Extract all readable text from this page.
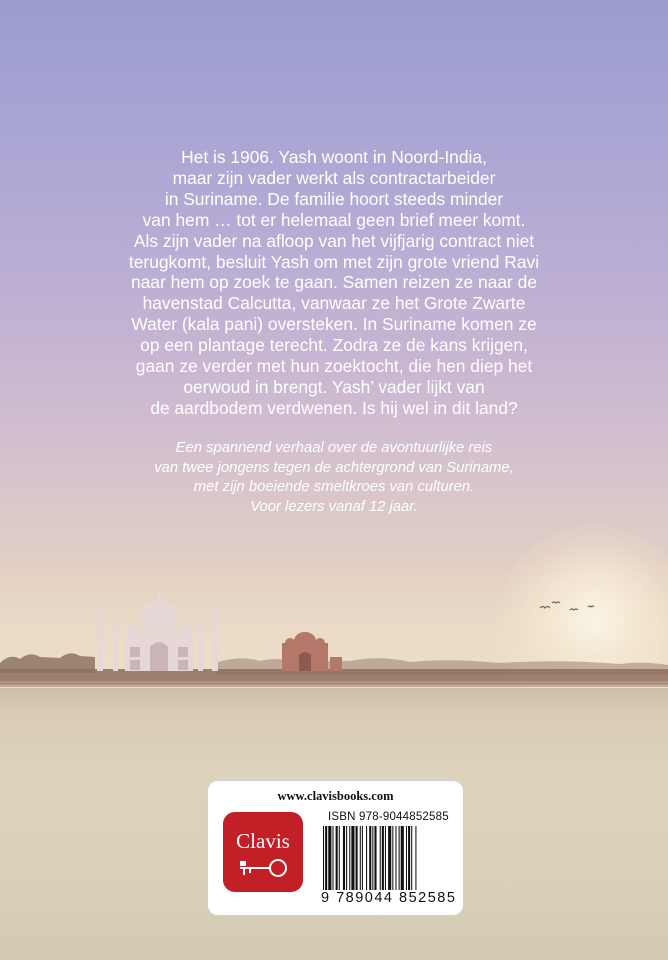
Het is 1906. Yash woont in Noord-India,

maar zijn vader werkt als contractarbeider

in Suriname. De familie hoort steeds minder

van hem … tot er helemaal geen brief meer komt.

Als zijn vader na afloop van het vijfjarig contract niet

terugkomt, besluit Yash om met zijn grote vriend Ravi

naar hem op zoek te gaan. Samen reizen ze naar de

havenstad Calcutta, vanwaar ze het Grote Zwarte

Water (kala pani) oversteken. In Suriname komen ze

op een plantage terecht. Zodra ze de kans krijgen,

gaan ze verder met hun zoektocht, die hen diep het

oerwoud in brengt. Yash’ vader lijkt van

de aardbodem verdwenen. Is hij wel in dit land?

Een spannend verhaal over de avontuurlijke reis

van twee jongens tegen de achtergrond van Suriname,

met zijn boeiende smeltkroes van culturen.

Voor lezers vanaf 12 jaar.

www.clavisbooks.com
Clavis
ISBN 978-9044852585
9 789044 852585
